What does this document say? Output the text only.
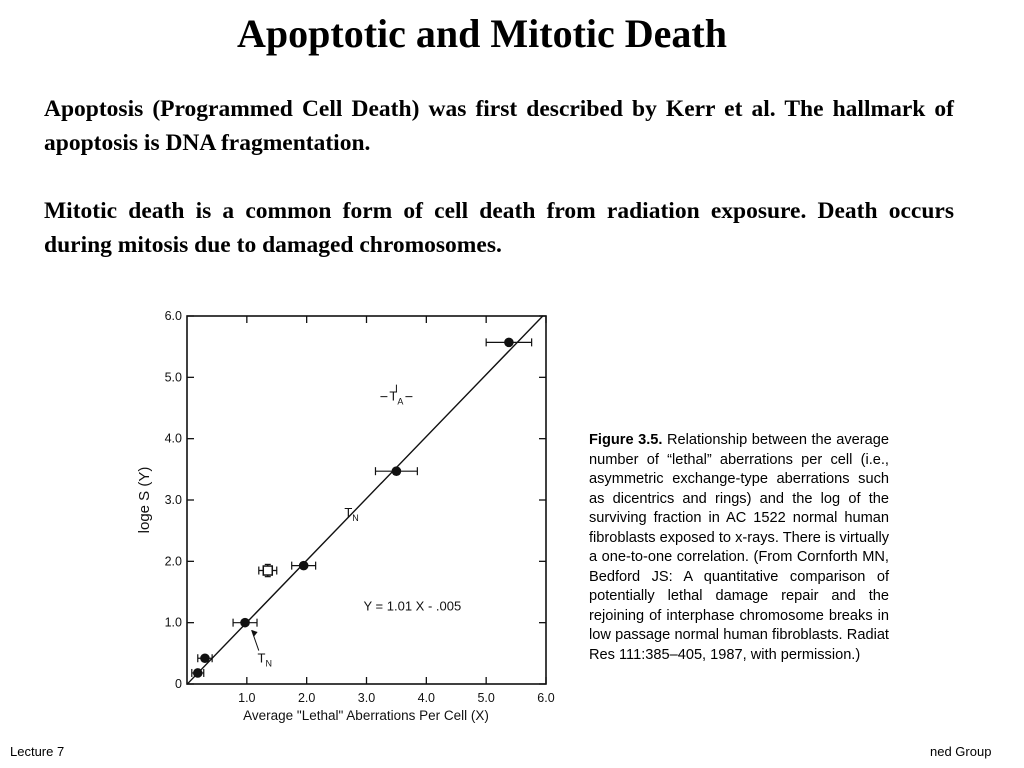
Apoptotic and Mitotic Death

Apoptosis (Programmed Cell Death) was first described by Kerr et al. The hallmark of apoptosis is DNA fragmentation.

Mitotic death is a common form of cell death from radiation exposure. Death occurs during mitosis due to damaged chromosomes.

1.0	2.0	3.0	4.0	5.0	6.0
0
1.0
2.0
3.0
4.0
5.0
6.0
$T_A$
$T_N$
$T_N$
Y = 1.01 X - .005
Average "Lethal" Aberrations Per Cell (X)
loge S (Y)

Figure 3.5. Relationship between the average number of “lethal” aberrations per cell (i.e., asymmetric exchange-type aberrations such as dicentrics and rings) and the log of the surviving fraction in AC 1522 normal human fibroblasts exposed to x-rays. There is virtually a one-to-one correlation. (From Cornforth MN, Bedford JS: A quantitative comparison of potentially lethal damage repair and the rejoining of interphase chromosome breaks in low passage normal human fibroblasts. Radiat Res 111:385–405, 1987, with permission.)

Lecture 7	ned Group
